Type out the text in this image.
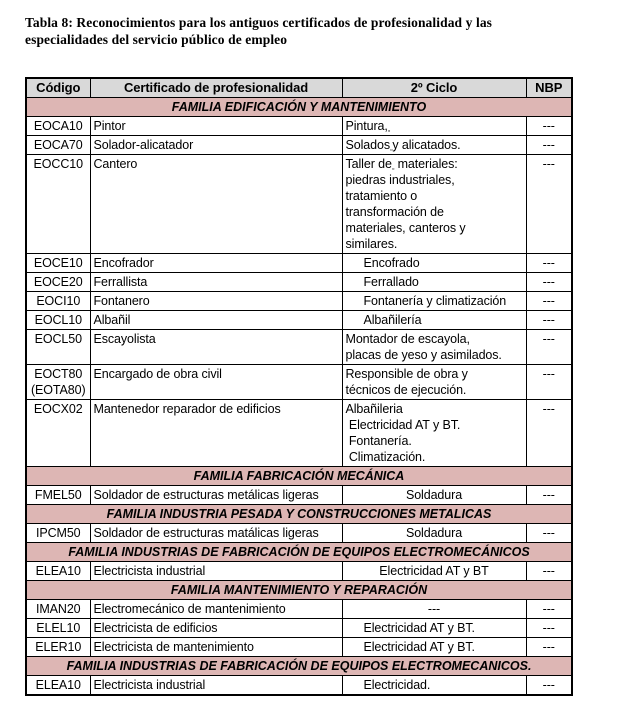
Tabla 8: Reconocimientos para los antiguos certificados de profesionalidad y las
especialidades del servicio público de empleo
Código	Certificado de profesionalidad	2º Ciclo	NBP
FAMILIA EDIFICACIÓN Y MANTENIMIENTO			
EOCA10	Pintor	$Pintura,_▫$	---
EOCA70	Solador-alicatador	Solados$_▫$y alicatados.	---
EOCC10	Cantero	Taller $de_▫$ materiales:
piedras industriales,
tratamiento o
transformación de
materiales, canteros y
similares.	---
EOCE10	Encofrador	Encofrado	---
EOCE20	Ferrallista	Ferrallado	---
EOCI10	Fontanero	Fontanería y climatización	---
EOCL10	Albañil	Albañilería	---
EOCL50	Escayolista	Montador de escayola,
placas de yeso y asimilados.	---
EOCT80
(EOTA80)	Encargado de obra civil	Responsible de obra y
técnicos de ejecución.	---
EOCX02	Mantenedor reparador de edificios	Albañileria
Electricidad AT y BT.
Fontanería.
Climatización.	---
FAMILIA FABRICACIÓN MECÁNICA			
FMEL50	Soldador de estructuras metálicas ligeras	Soldadura	---
FAMILIA INDUSTRIA PESADA Y CONSTRUCCIONES METALICAS			
IPCM50	Soldador de estructuras matálicas ligeras	Soldadura	---
FAMILIA INDUSTRIAS DE FABRICACIÓN DE EQUIPOS ELECTROMECÁNICOS			
ELEA10	Electricista industrial	Electricidad AT y BT	---
FAMILIA MANTENIMIENTO Y REPARACIÓN			
IMAN20	Electromecánico de mantenimiento	---	---
ELEL10	Electricista de edificios	Electricidad AT y BT.	---
ELER10	Electricista de mantenimiento	Electricidad AT y BT.	---
FAMILIA INDUSTRIAS DE FABRICACIÓN DE EQUIPOS ELECTROMECANICOS.			
ELEA10	Electricista industrial	Electricidad.	---
